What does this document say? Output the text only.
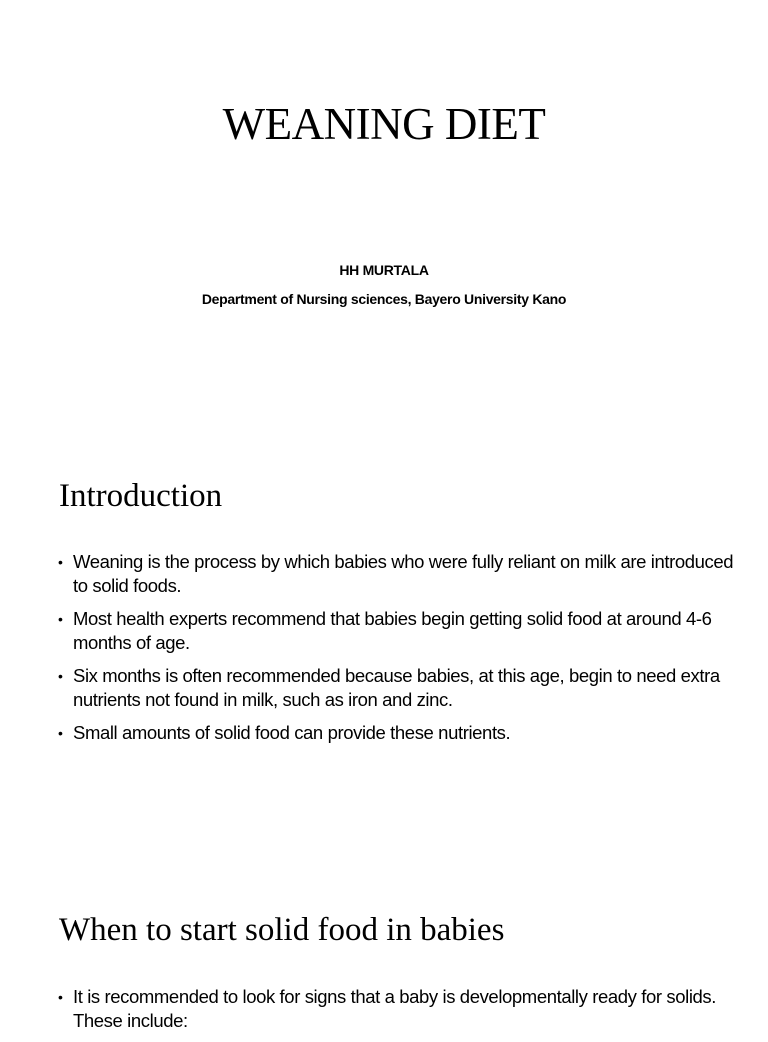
WEANING DIET
HH MURTALA
Department of Nursing sciences, Bayero University Kano
Introduction
• Weaning is the process by which babies who were fully reliant on milk are introduced to solid foods.
• Most health experts recommend that babies begin getting solid food at around 4-6 months of age.
• Six months is often recommended because babies, at this age, begin to need extra nutrients not found in milk, such as iron and zinc.
• Small amounts of solid food can provide these nutrients.
When to start solid food in babies
• It is recommended to look for signs that a baby is developmentally ready for solids. These include:
